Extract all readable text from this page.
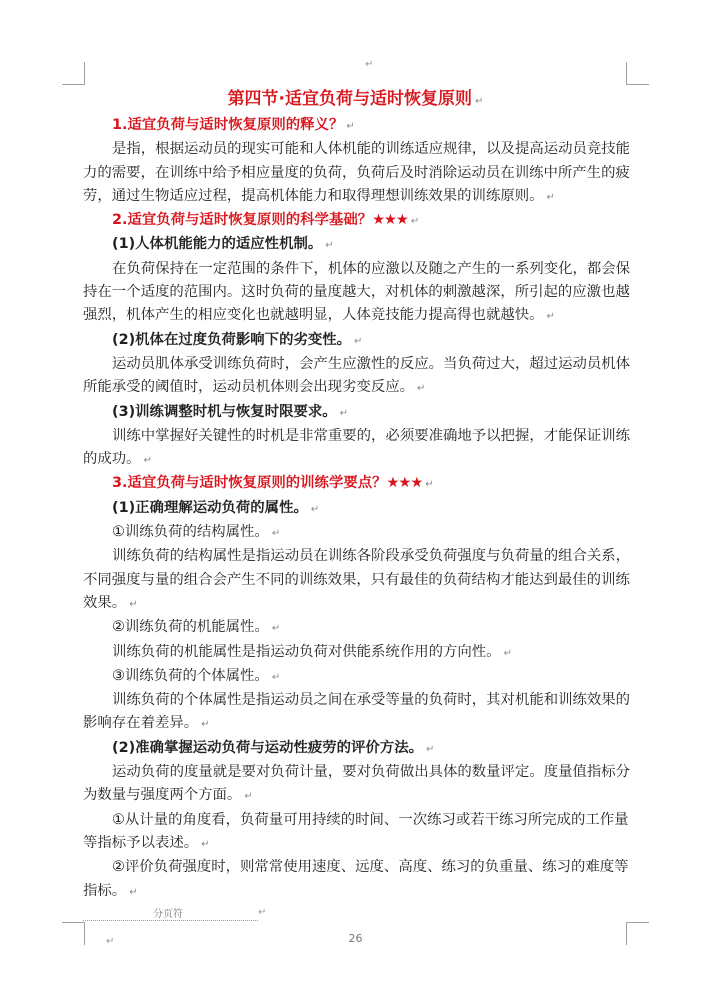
↵
第四节·适宜负荷与适时恢复原则 ↵
1.适宜负荷与适时恢复原则的释义？ ↵
是指，根据运动员的现实可能和人体机能的训练适应规律，以及提高运动员竞技能
力的需要，在训练中给予相应量度的负荷，负荷后及时消除运动员在训练中所产生的疲
劳，通过生物适应过程，提高机体能力和取得理想训练效果的训练原则。 ↵
2.适宜负荷与适时恢复原则的科学基础？★★★ ↵
(1)人体机能能力的适应性机制。 ↵
在负荷保持在一定范围的条件下，机体的应激以及随之产生的一系列变化，都会保
持在一个适度的范围内。这时负荷的量度越大，对机体的刺激越深，所引起的应激也越
强烈，机体产生的相应变化也就越明显，人体竞技能力提高得也就越快。 ↵
(2)机体在过度负荷影响下的劣变性。 ↵
运动员肌体承受训练负荷时，会产生应激性的反应。当负荷过大，超过运动员机体
所能承受的阈值时，运动员机体则会出现劣变反应。 ↵
(3)训练调整时机与恢复时限要求。 ↵
训练中掌握好关键性的时机是非常重要的，必须要准确地予以把握，才能保证训练
的成功。 ↵
3.适宜负荷与适时恢复原则的训练学要点？★★★ ↵
(1)正确理解运动负荷的属性。 ↵
①训练负荷的结构属性。 ↵
训练负荷的结构属性是指运动员在训练各阶段承受负荷强度与负荷量的组合关系，
不同强度与量的组合会产生不同的训练效果，只有最佳的负荷结构才能达到最佳的训练
效果。 ↵
②训练负荷的机能属性。 ↵
训练负荷的机能属性是指运动负荷对供能系统作用的方向性。 ↵
③训练负荷的个体属性。 ↵
训练负荷的个体属性是指运动员之间在承受等量的负荷时，其对机能和训练效果的
影响存在着差异。 ↵
(2)准确掌握运动负荷与运动性疲劳的评价方法。 ↵
运动负荷的度量就是要对负荷计量，要对负荷做出具体的数量评定。度量值指标分
为数量与强度两个方面。 ↵
①从计量的角度看，负荷量可用持续的时间、一次练习或若干练习所完成的工作量
等指标予以表述。 ↵
②评价负荷强度时，则常常使用速度、远度、高度、练习的负重量、练习的难度等
指标。 ↵
分页符	↵
↵	26
